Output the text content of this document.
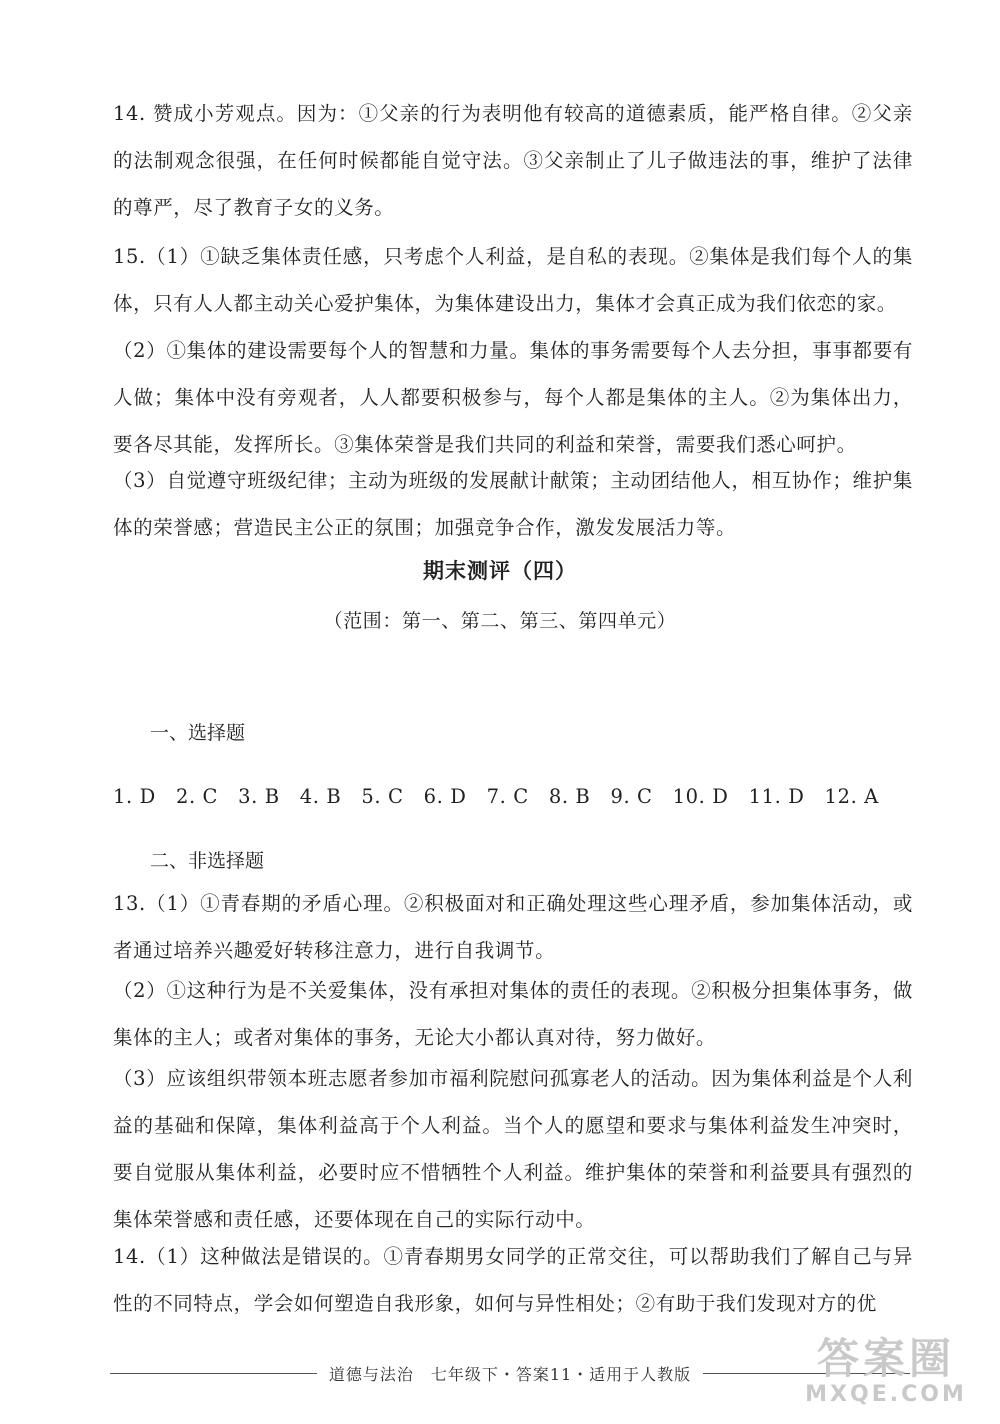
14. 赞成小芳观点。因为：①父亲的行为表明他有较高的道德素质，能严格自律。②父亲的法制观念很强，在任何时候都能自觉守法。③父亲制止了儿子做违法的事，维护了法律的尊严，尽了教育子女的义务。

15.（1）①缺乏集体责任感，只考虑个人利益，是自私的表现。②集体是我们每个人的集体，只有人人都主动关心爱护集体，为集体建设出力，集体才会真正成为我们依恋的家。

（2）①集体的建设需要每个人的智慧和力量。集体的事务需要每个人去分担，事事都要有人做；集体中没有旁观者，人人都要积极参与，每个人都是集体的主人。②为集体出力，要各尽其能，发挥所长。③集体荣誉是我们共同的利益和荣誉，需要我们悉心呵护。

（3）自觉遵守班级纪律；主动为班级的发展献计献策；主动团结他人，相互协作；维护集体的荣誉感；营造民主公正的氛围；加强竞争合作，激发发展活力等。

期末测评（四）

（范围：第一、第二、第三、第四单元）

一、选择题

1. D　2. C　3. B　4. B　5. C　6. D　7. C　8. B　9. C　10. D　11. D　12. A

二、非选择题

13.（1）①青春期的矛盾心理。②积极面对和正确处理这些心理矛盾，参加集体活动，或者通过培养兴趣爱好转移注意力，进行自我调节。

（2）①这种行为是不关爱集体，没有承担对集体的责任的表现。②积极分担集体事务，做集体的主人；或者对集体的事务，无论大小都认真对待，努力做好。

（3）应该组织带领本班志愿者参加市福利院慰问孤寡老人的活动。因为集体利益是个人利益的基础和保障，集体利益高于个人利益。当个人的愿望和要求与集体利益发生冲突时，要自觉服从集体利益，必要时应不惜牺牲个人利益。维护集体的荣誉和利益要具有强烈的集体荣誉感和责任感，还要体现在自己的实际行动中。

14.（1）这种做法是错误的。①青春期男女同学的正常交往，可以帮助我们了解自己与异性的不同特点，学会如何塑造自我形象，如何与异性相处；②有助于我们发现对方的优

道德与法治　七年级下・答案11・适用于人教版	答案圈
MXQE.COM
